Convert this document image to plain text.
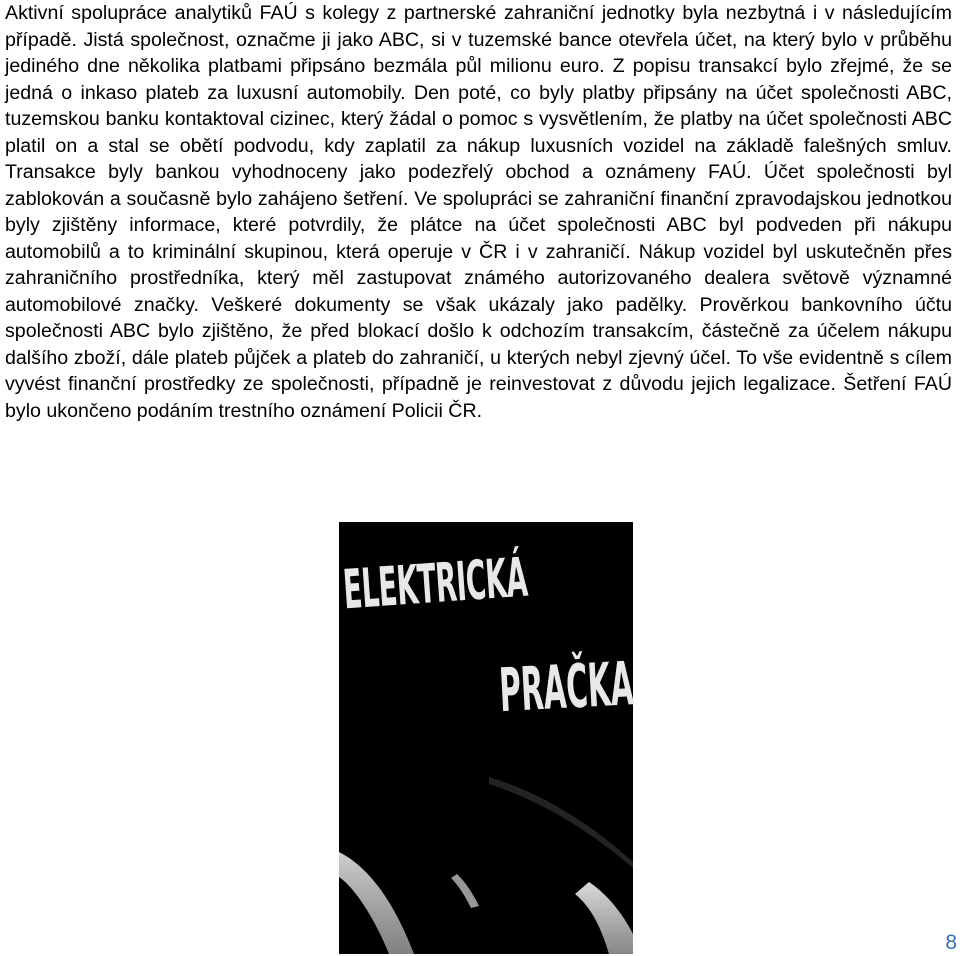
Aktivní spolupráce analytiků FAÚ s kolegy z partnerské zahraniční jednotky byla nezbytná i v následujícím případě. Jistá společnost, označme ji jako ABC, si v tuzemské bance otevřela účet, na který bylo v průběhu jediného dne několika platbami připsáno bezmála půl milionu euro. Z popisu transakcí bylo zřejmé, že se jedná o inkaso plateb za luxusní automobily. Den poté, co byly platby připsány na účet společnosti ABC, tuzemskou banku kontaktoval cizinec, který žádal o pomoc s vysvětlením, že platby na účet společnosti ABC platil on a stal se obětí podvodu, kdy zaplatil za nákup luxusních vozidel na základě falešných smluv. Transakce byly bankou vyhodnoceny jako podezřelý obchod a oznámeny FAÚ. Účet společnosti byl zablokován a současně bylo zahájeno šetření. Ve spolupráci se zahraniční finanční zpravodajskou jednotkou byly zjištěny informace, které potvrdily, že plátce na účet společnosti ABC byl podveden při nákupu automobilů a to kriminální skupinou, která operuje v ČR i v zahraničí. Nákup vozidel byl uskutečněn přes zahraničního prostředníka, který měl zastupovat známého autorizovaného dealera světově významné automobilové značky. Veškeré dokumenty se však ukázaly jako padělky. Prověrkou bankovního účtu společnosti ABC bylo zjištěno, že před blokací došlo k odchozím transakcím, částečně za účelem nákupu dalšího zboží, dále plateb půjček a plateb do zahraničí, u kterých nebyl zjevný účel. To vše evidentně s cílem vyvést finanční prostředky ze společnosti, případně je reinvestovat z důvodu jejich legalizace. Šetření FAÚ bylo ukončeno podáním trestního oznámení Policii ČR.

ELEKTRICKÁ
PRAČKA
8
